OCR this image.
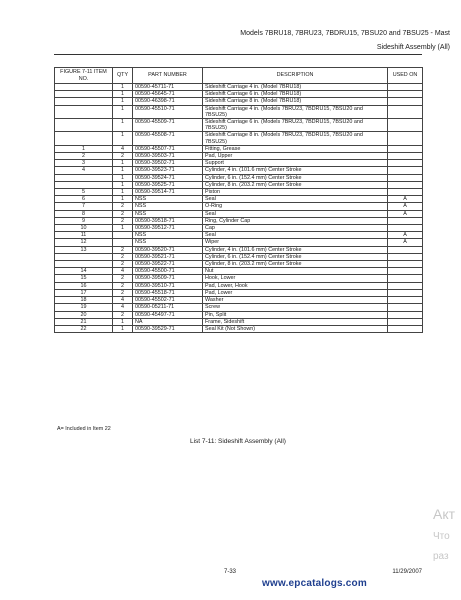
Models 7BRU18, 7BRU23, 7BDRU15, 7BSU20 and 7BSU25 - Mast
Sideshift Assembly (All)
FIGURE 7-11 ITEM NO.	QTY	PART NUMBER	DESCRIPTION	USED ON
	1	00590-45711-71	Sideshift Carriage 4 in. (Model 7BRU18)	
	1	00590-45645-71	Sideshift Carriage 6 in. (Model 7BRU18)	
	1	00590-46398-71	Sideshift Carriage 8 in. (Model 7BRU18)	
	1	00590-45510-71	Sideshift Carriage 4 in. (Models 7BRU23, 7BDRU15, 7BSU20 and 7BSU25)	
	1	00590-45509-71	Sideshift Carriage 6 in. (Models 7BRU23, 7BDRU15, 7BSU20 and 7BSU25)	
	1	00590-45508-71	Sideshift Carriage 8 in. (Models 7BRU23, 7BDRU15, 7BSU20 and 7BSU25)	
1	4	00590-45507-71	Fitting, Grease	
2	2	00590-39503-71	Pad, Upper	
3	1	00590-39502-71	Support	
4	1	00590-39523-71	Cylinder, 4 in. (101.6 mm) Center Stroke	
	1	00590-39524-71	Cylinder, 6 in. (152.4 mm) Center Stroke	
	1	00590-39525-71	Cylinder, 8 in. (203.2 mm) Center Stroke	
5	1	00590-39514-71	Piston	
6	1	NSS	Seal	A
7	2	NSS	O-Ring	A
8	2	NSS	Seal	A
9	2	00590-39518-71	Ring, Cylinder Cap	
10	1	00590-39512-71	Cap	
11		NSS	Seal	A
12		NSS	Wiper	A
13	2	00590-39520-71	Cylinder, 4 in. (101.6 mm) Center Stroke	
	2	00590-39521-71	Cylinder, 6 in. (152.4 mm) Center Stroke	
	2	00590-39522-71	Cylinder, 8 in. (203.2 mm) Center Stroke	
14	4	00590-45500-71	Nut	
15	2	00590-39509-71	Hook, Lower	
16	2	00590-39510-71	Pad, Lower, Hook	
17	2	00590-45518-71	Pad, Lower	
18	4	00590-45502-71	Washer	
19	4	00590-05211-71	Screw	
20	2	00590-45497-71	Pin, Split	
21	1	NA	Frame, Sideshift	
22	1	00590-39529-71	Seal Kit (Not Shown)	
A= Included in Item 22
List 7-11: Sideshift Assembly (All)
7-33	11/29/2007
www.epcatalogs.com
Акт
Что
раз
